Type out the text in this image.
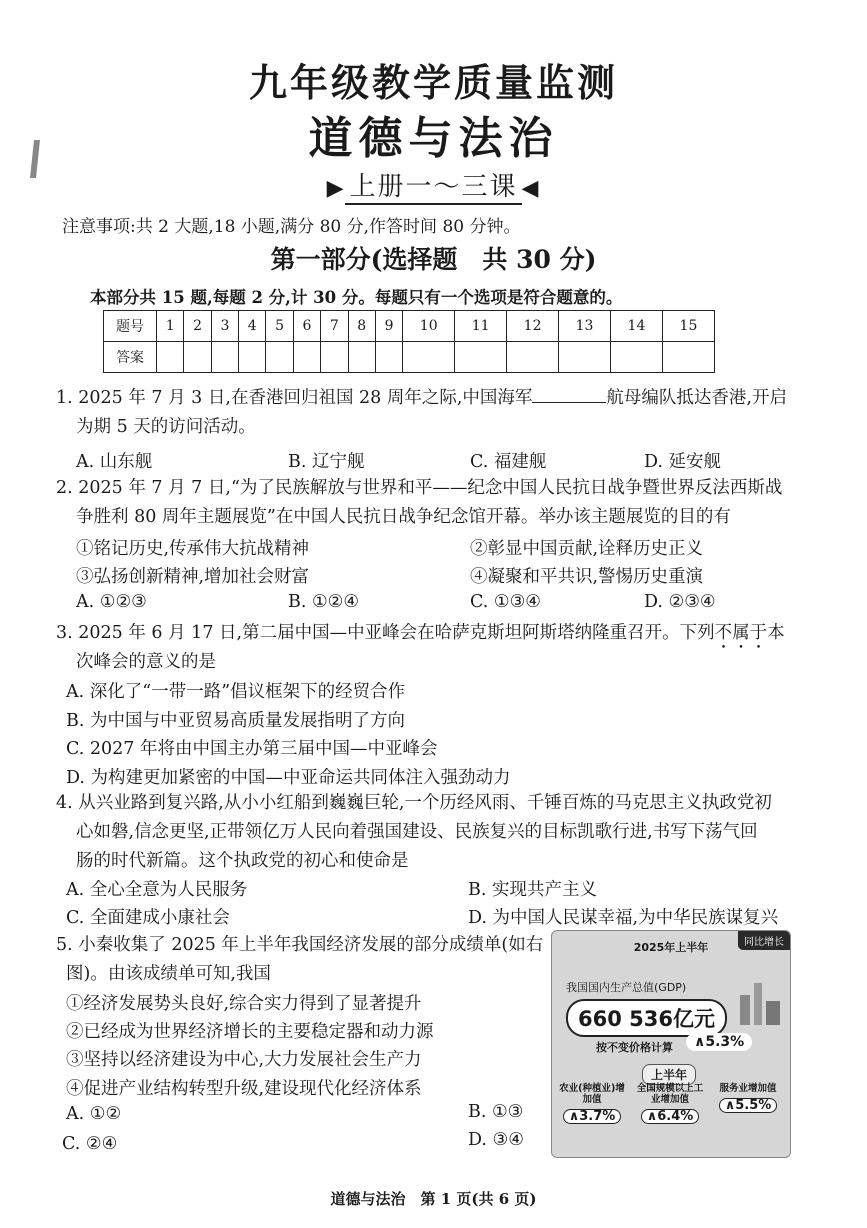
九年级教学质量监测
道德与法治
▶ 上册一～三课 ◀
注意事项:共 2 大题,18 小题,满分 80 分,作答时间 80 分钟。
第一部分(选择题　共 30 分)
本部分共 15 题,每题 2 分,计 30 分。每题只有一个选项是符合题意的。
题号	1	2	3	4	5	6	7	8	9	10	11	12	13	14	15
答案															
1. 2025 年 7 月 3 日,在香港回归祖国 28 周年之际,中国海军	航母编队抵达香港,开启
为期 5 天的访问活动。
A. 山东舰	B. 辽宁舰	C. 福建舰	D. 延安舰
2. 2025 年 7 月 7 日,“为了民族解放与世界和平——纪念中国人民抗日战争暨世界反法西斯战
争胜利 80 周年主题展览”在中国人民抗日战争纪念馆开幕。举办该主题展览的目的有
①铭记历史,传承伟大抗战精神	②彰显中国贡献,诠释历史正义
③弘扬创新精神,增加社会财富	④凝聚和平共识,警惕历史重演
A. ①②③	B. ①②④	C. ①③④	D. ②③④
3. 2025 年 6 月 17 日,第二届中国—中亚峰会在哈萨克斯坦阿斯塔纳隆重召开。下列不属于本
次峰会的意义的是
A. 深化了“一带一路”倡议框架下的经贸合作
B. 为中国与中亚贸易高质量发展指明了方向
C. 2027 年将由中国主办第三届中国—中亚峰会
D. 为构建更加紧密的中国—中亚命运共同体注入强劲动力
4. 从兴业路到复兴路,从小小红船到巍巍巨轮,一个历经风雨、千锤百炼的马克思主义执政党初
心如磐,信念更坚,正带领亿万人民向着强国建设、民族复兴的目标凯歌行进,书写下荡气回
肠的时代新篇。这个执政党的初心和使命是
A. 全心全意为人民服务	B. 实现共产主义
C. 全面建成小康社会	D. 为中国人民谋幸福,为中华民族谋复兴
5. 小秦收集了 2025 年上半年我国经济发展的部分成绩单(如右
图)。由该成绩单可知,我国
①经济发展势头良好,综合实力得到了显著提升
②已经成为世界经济增长的主要稳定器和动力源
③坚持以经济建设为中心,大力发展社会生产力
④促进产业结构转型升级,建设现代化经济体系
A. ①②	B. ①③
C. ②④	D. ③④
同比增长
2025年上半年
我国国内生产总值(GDP)
660 536亿元
按不变价格计算	∧5.3%
上半年
农业(种植业)增加值
∧3.7%
全国规模以上工业增加值
∧6.4%
服务业增加值
∧5.5%
道德与法治　第 1 页(共 6 页)
